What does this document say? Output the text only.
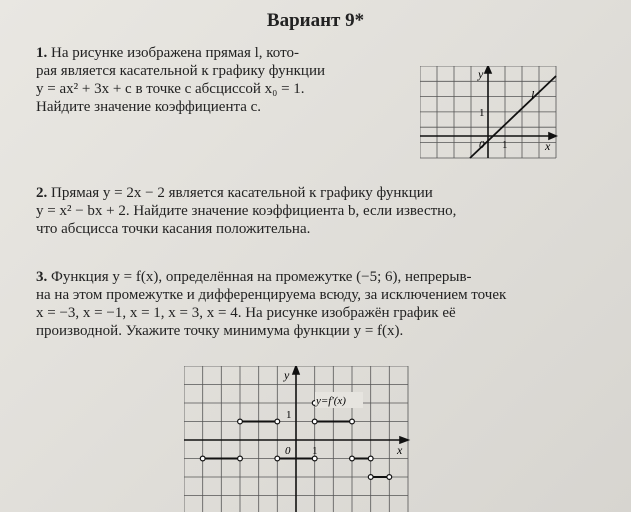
Вариант 9*
1. На рисунке изображена прямая l, кото-
рая является касательной к графику функции
y = ax² + 3x + c в точке с абсциссой x₀ = 1.
Найдите значение коэффициента c.
y
x
l
1
0 1
2. Прямая y = 2x − 2 является касательной к графику функции
y = x² − bx + 2. Найдите значение коэффициента b, если известно,
что абсцисса точки касания положительна.
3. Функция y = f(x), определённая на промежутке (−5; 6), непрерыв-
на на этом промежутке и дифференцируема всюду, за исключением точек
x = −3, x = −1, x = 1, x = 3, x = 4. На рисунке изображён график её
производной. Укажите точку минимума функции y = f(x).
y=f'(x)
y
x
1
0 1
